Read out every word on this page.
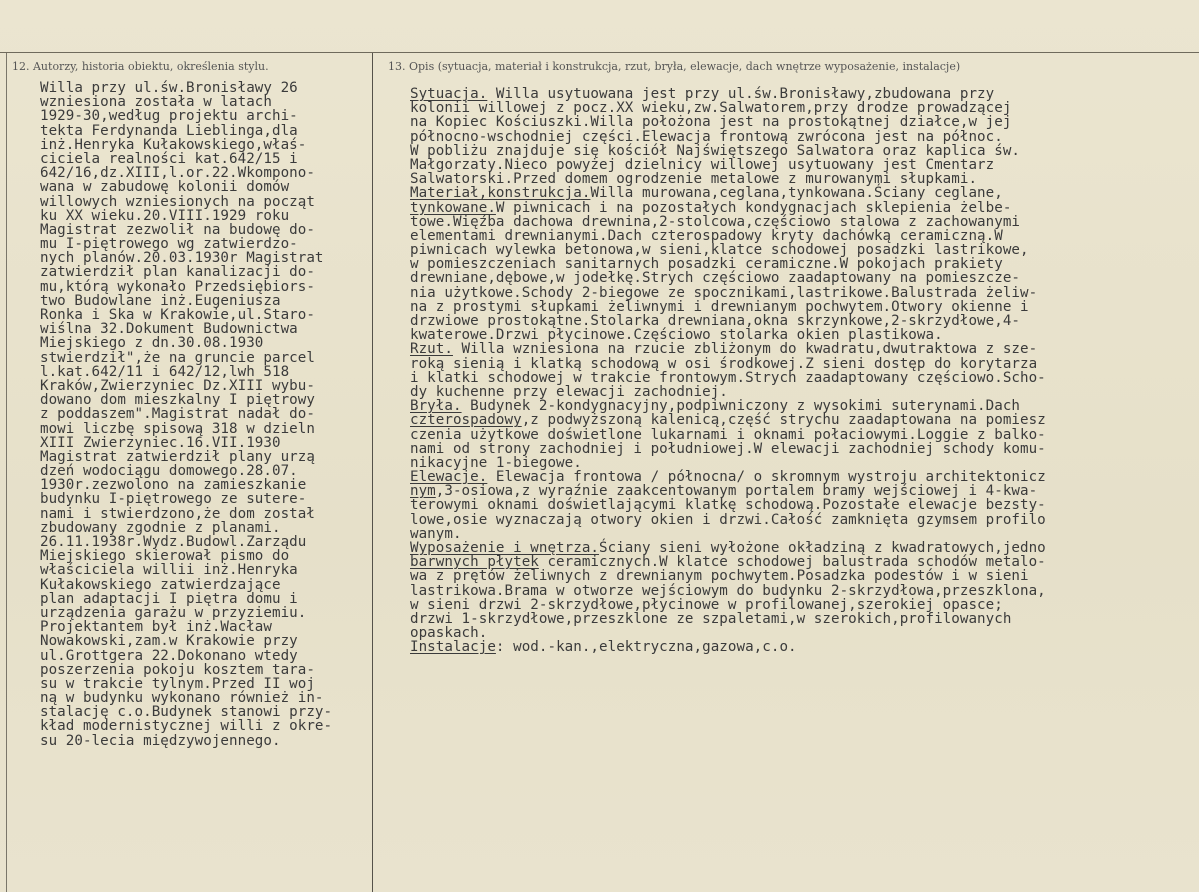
12. Autorzy, historia obiektu, określenia stylu.	13. Opis (sytuacja, materiał i konstrukcja, rzut, bryła, elewacje, dach wnętrze wyposażenie, instalacje)
Willa przy ul.św.Bronisławy 26
wzniesiona została w latach
1929-30,według projektu archi-
tekta Ferdynanda Lieblinga,dla
inż.Henryka Kułakowskiego,właś-
ciciela realności kat.642/15 i
642/16,dz.XIII,l.or.22.Wkompono-
wana w zabudowę kolonii domów
willowych wzniesionych na począt
ku XX wieku.20.VIII.1929 roku
Magistrat zezwolił na budowę do-
mu I-piętrowego wg zatwierdzo-
nych planów.20.03.1930r Magistrat
zatwierdził plan kanalizacji do-
mu,którą wykonało Przedsiębiors-
two Budowlane inż.Eugeniusza
Ronka i Ska w Krakowie,ul.Staro-
wiślna 32.Dokument Budownictwa
Miejskiego z dn.30.08.1930
stwierdził",że na gruncie parcel
l.kat.642/11 i 642/12,lwh 518
Kraków,Zwierzyniec Dz.XIII wybu-
dowano dom mieszkalny I piętrowy
z poddaszem".Magistrat nadał do-
mowi liczbę spisową 318 w dzieln
XIII Zwierzyniec.16.VII.1930
Magistrat zatwierdził plany urzą
dzeń wodociągu domowego.28.07.
1930r.zezwolono na zamieszkanie
budynku I-piętrowego ze sutere-
nami i stwierdzono,że dom został
zbudowany zgodnie z planami.
26.11.1938r.Wydz.Budowl.Zarządu
Miejskiego skierował pismo do
właściciela willii inż.Henryka
Kułakowskiego zatwierdzające
plan adaptacji I piętra domu i
urządzenia garażu w przyziemiu.
Projektantem był inż.Wacław
Nowakowski,zam.w Krakowie przy
ul.Grottgera 22.Dokonano wtedy
poszerzenia pokoju kosztem tara-
su w trakcie tylnym.Przed II woj
ną w budynku wykonano również in-
stalację c.o.Budynek stanowi przy-
kład modernistycznej willi z okre-
su 20-lecia międzywojennego.
Sytuacja. Willa usytuowana jest przy ul.św.Bronisławy,zbudowana przy
kolonii willowej z pocz.XX wieku,zw.Salwatorem,przy drodze prowadzącej
na Kopiec Kościuszki.Willa położona jest na prostokątnej działce,w jej
północno-wschodniej części.Elewacja frontową zwrócona jest na północ.
W pobliżu znajduje się kościół Najświętszego Salwatora oraz kaplica św.
Małgorzaty.Nieco powyżej dzielnicy willowej usytuowany jest Cmentarz
Salwatorski.Przed domem ogrodzenie metalowe z murowanymi słupkami.
Materiał,konstrukcja.Willa murowana,ceglana,tynkowana.Ściany ceglane,
tynkowane.W piwnicach i na pozostałych kondygnacjach sklepienia żelbe-
towe.Więźba dachowa drewnina,2-stolcowa,częściowo stalowa z zachowanymi
elementami drewnianymi.Dach czterospadowy kryty dachówką ceramiczną.W
piwnicach wylewka betonowa,w sieni,klatce schodowej posadzki lastrikowe,
w pomieszczeniach sanitarnych posadzki ceramiczne.W pokojach prakiety
drewniane,dębowe,w jodełkę.Strych częściowo zaadaptowany na pomieszcze-
nia użytkowe.Schody 2-biegowe ze spocznikami,lastrikowe.Balustrada żeliw-
na z prostymi słupkami żeliwnymi i drewnianym pochwytem.Otwory okienne i
drzwiowe prostokątne.Stolarka drewniana,okna skrzynkowe,2-skrzydłowe,4-
kwaterowe.Drzwi płycinowe.Częściowo stolarka okien plastikowa.
Rzut. Willa wzniesiona na rzucie zbliżonym do kwadratu,dwutraktowa z sze-
roką sienią i klatką schodową w osi środkowej.Z sieni dostęp do korytarza
i klatki schodowej w trakcie frontowym.Strych zaadaptowany częściowo.Scho-
dy kuchenne przy elewacji zachodniej.
Bryła. Budynek 2-kondygnacyjny,podpiwniczony z wysokimi suterynami.Dach
czterospadowy,z podwyższoną kalenicą,część strychu zaadaptowana na pomiesz
czenia użytkowe doświetlone lukarnami i oknami połaciowymi.Loggie z balko-
nami od strony zachodniej i południowej.W elewacji zachodniej schody komu-
nikacyjne 1-biegowe.
Elewacje. Elewacja frontowa / północna/ o skromnym wystroju architektonicz
nym,3-osiowa,z wyraźnie zaakcentowanym portalem bramy wejściowej i 4-kwa-
terowymi oknami doświetlającymi klatkę schodową.Pozostałe elewacje bezsty-
lowe,osie wyznaczają otwory okien i drzwi.Całość zamknięta gzymsem profilo
wanym.
Wyposażenie i wnętrza.Ściany sieni wyłożone okładziną z kwadratowych,jedno
barwnych płytek ceramicznych.W klatce schodowej balustrada schodów metalo-
wa z prętów żeliwnych z drewnianym pochwytem.Posadzka podestów i w sieni
lastrikowa.Brama w otworze wejściowym do budynku 2-skrzydłowa,przeszklona,
w sieni drzwi 2-skrzydłowe,płycinowe w profilowanej,szerokiej opasce;
drzwi 1-skrzydłowe,przeszklone ze szpaletami,w szerokich,profilowanych
opaskach.
Instalacje: wod.-kan.,elektryczna,gazowa,c.o.
